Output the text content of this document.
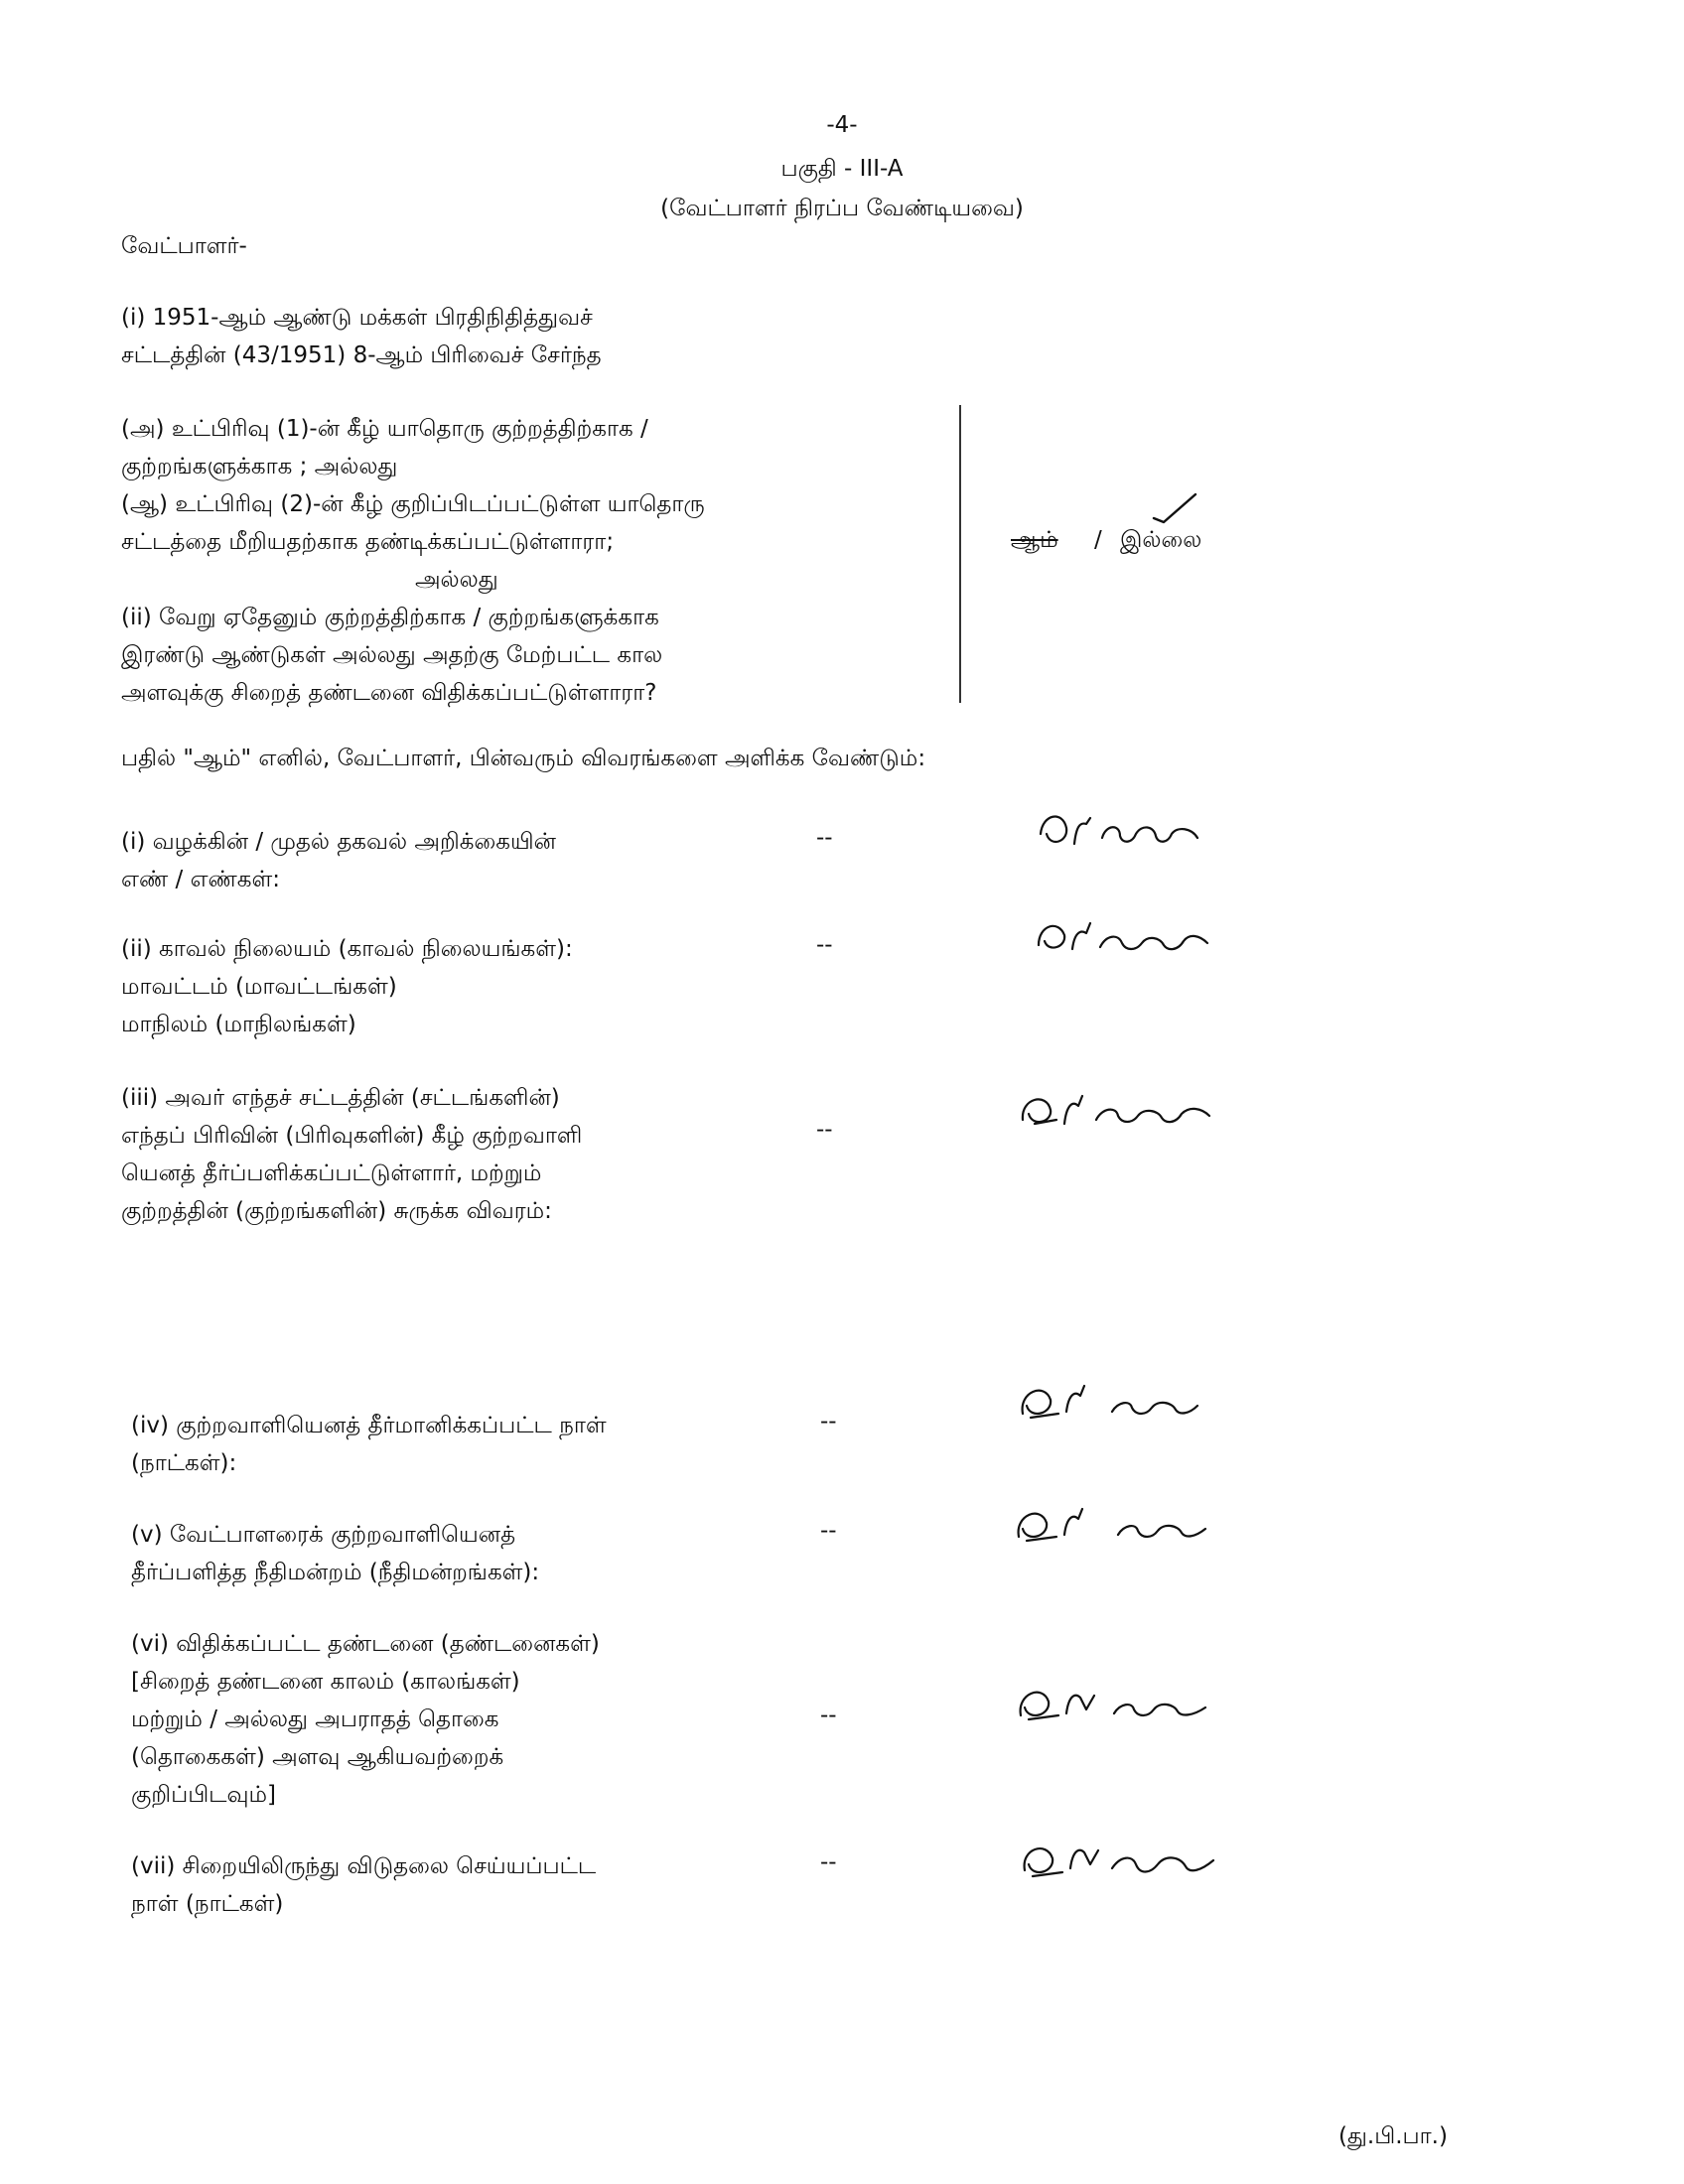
-4-
பகுதி - III-A
(வேட்பாளர் நிரப்ப வேண்டியவை)
வேட்பாளர்-
(i) 1951-ஆம் ஆண்டு மக்கள் பிரதிநிதித்துவச்
சட்டத்தின் (43/1951) 8-ஆம் பிரிவைச் சேர்ந்த
(அ) உட்பிரிவு (1)-ன் கீழ் யாதொரு குற்றத்திற்காக /
குற்றங்களுக்காக ; அல்லது
(ஆ) உட்பிரிவு (2)-ன் கீழ் குறிப்பிடப்பட்டுள்ள யாதொரு
சட்டத்தை மீறியதற்காக தண்டிக்கப்பட்டுள்ளாரா;
அல்லது
(ii) வேறு ஏதேனும் குற்றத்திற்காக / குற்றங்களுக்காக
இரண்டு ஆண்டுகள் அல்லது அதற்கு மேற்பட்ட கால
அளவுக்கு சிறைத் தண்டனை விதிக்கப்பட்டுள்ளாரா?
ஆம் / இல்லை
பதில் "ஆம்" எனில், வேட்பாளர், பின்வரும் விவரங்களை அளிக்க வேண்டும்:
(i) வழக்கின் / முதல் தகவல் அறிக்கையின்
எண் / எண்கள்:
--
(ii) காவல் நிலையம் (காவல் நிலையங்கள்):
மாவட்டம் (மாவட்டங்கள்)
மாநிலம் (மாநிலங்கள்)
--
(iii) அவர் எந்தச் சட்டத்தின் (சட்டங்களின்)
எந்தப் பிரிவின் (பிரிவுகளின்) கீழ் குற்றவாளி
யெனத் தீர்ப்பளிக்கப்பட்டுள்ளார், மற்றும்
குற்றத்தின் (குற்றங்களின்) சுருக்க விவரம்:
--
(iv) குற்றவாளியெனத் தீர்மானிக்கப்பட்ட நாள்
(நாட்கள்):
--
(v) வேட்பாளரைக் குற்றவாளியெனத்
தீர்ப்பளித்த நீதிமன்றம் (நீதிமன்றங்கள்):
--
(vi) விதிக்கப்பட்ட தண்டனை (தண்டனைகள்)
[சிறைத் தண்டனை காலம் (காலங்கள்)
மற்றும் / அல்லது அபராதத் தொகை
(தொகைகள்) அளவு ஆகியவற்றைக்
குறிப்பிடவும்]
--
(vii) சிறையிலிருந்து விடுதலை செய்யப்பட்ட
நாள் (நாட்கள்)
--
(து.பி.பா.)
